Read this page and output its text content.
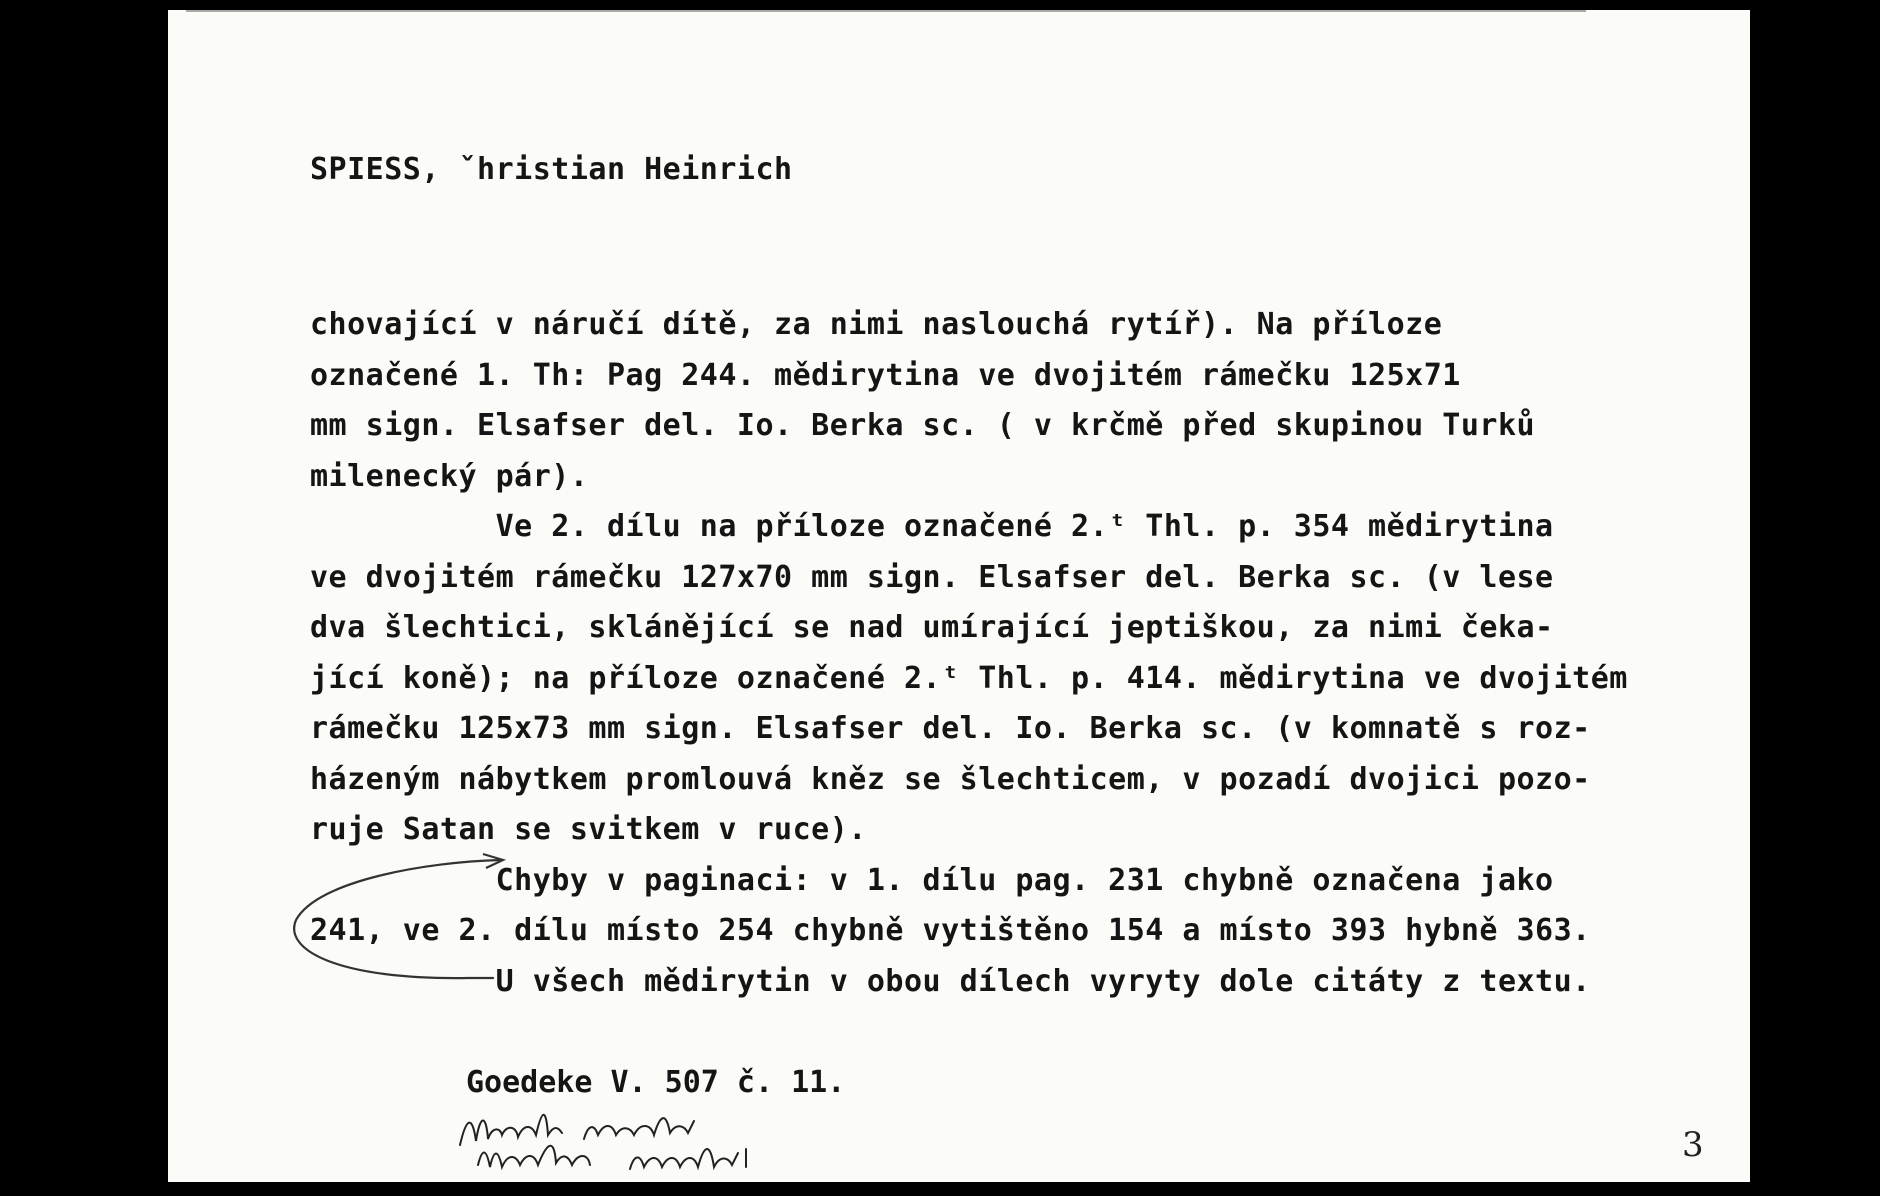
SPIESS, ˇhristian Heinrich
chovající v náručí dítě, za nimi naslouchá rytíř). Na příloze
označené 1. Th: Pag 244. mědirytina ve dvojitém rámečku 125x71
mm sign. Elsafser del. Io. Berka sc. ( v krčmě před skupinou Turků
milenecký pár).
Ve 2. dílu na příloze označené 2.ᵗ Thl. p. 354 mědirytina
ve dvojitém rámečku 127x70 mm sign. Elsafser del. Berka sc. (v lese
dva šlechtici, sklánějící se nad umírající jeptiškou, za nimi čeka-
jící koně); na příloze označené 2.ᵗ Thl. p. 414. mědirytina ve dvojitém
rámečku 125x73 mm sign. Elsafser del. Io. Berka sc. (v komnatě s roz-
házeným nábytkem promlouvá kněz se šlechticem, v pozadí dvojici pozo-
ruje Satan se svitkem v ruce).
Chyby v paginaci: v 1. dílu pag. 231 chybně označena jako
241, ve 2. dílu místo 254 chybně vytištěno 154 a místo 393 hybně 363.
U všech mědirytin v obou dílech vyryty dole citáty z textu.
Goedeke V. 507 č. 11.
3
